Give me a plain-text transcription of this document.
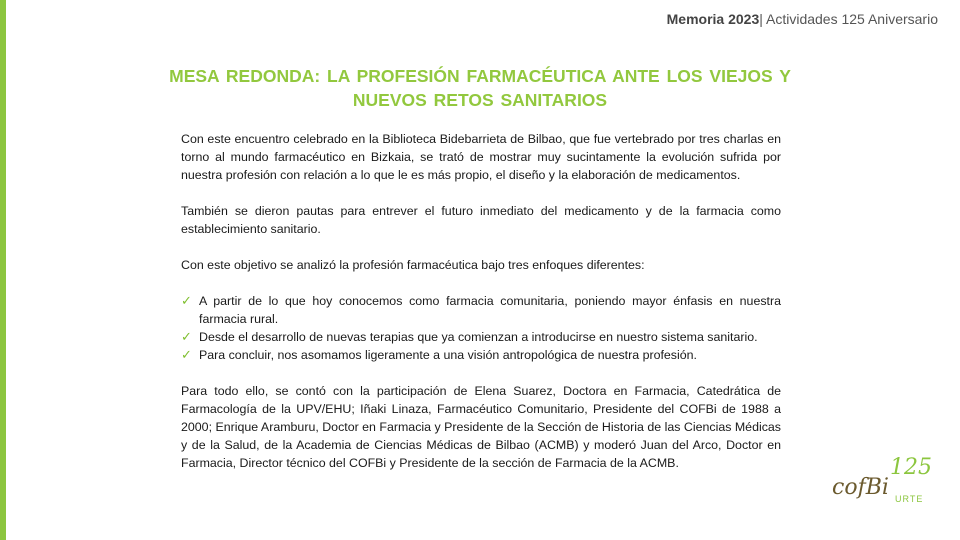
Memoria 2023| Actividades 125 Aniversario
MESA REDONDA: LA PROFESIÓN FARMACÉUTICA ANTE LOS VIEJOS Y
NUEVOS RETOS SANITARIOS

Con este encuentro celebrado en la Biblioteca Bidebarrieta de Bilbao, que fue vertebrado por tres charlas en torno al mundo farmacéutico en Bizkaia, se trató de mostrar muy sucintamente la evolución sufrida por nuestra profesión con relación a lo que le es más propio, el diseño y la elaboración de medicamentos.

También se dieron pautas para entrever el futuro inmediato del medicamento y de la farmacia como establecimiento sanitario.

Con este objetivo se analizó la profesión farmacéutica bajo tres enfoques diferentes:

✓ A partir de lo que hoy conocemos como farmacia comunitaria, poniendo mayor énfasis en nuestra farmacia rural.
✓ Desde el desarrollo de nuevas terapias que ya comienzan a introducirse en nuestro sistema sanitario.
✓ Para concluir, nos asomamos ligeramente a una visión antropológica de nuestra profesión.

Para todo ello, se contó con la participación de Elena Suarez, Doctora en Farmacia, Catedrática de Farmacología de la UPV/EHU; Iñaki Linaza, Farmacéutico Comunitario, Presidente del COFBi de 1988 a 2000; Enrique Aramburu, Doctor en Farmacia y Presidente de la Sección de Historia de las Ciencias Médicas y de la Salud, de la Academia de Ciencias Médicas de Bilbao (ACMB) y moderó Juan del Arco, Doctor en Farmacia, Director técnico del COFBi y Presidente de la sección de Farmacia de la ACMB.

cofBi
125
URTE
